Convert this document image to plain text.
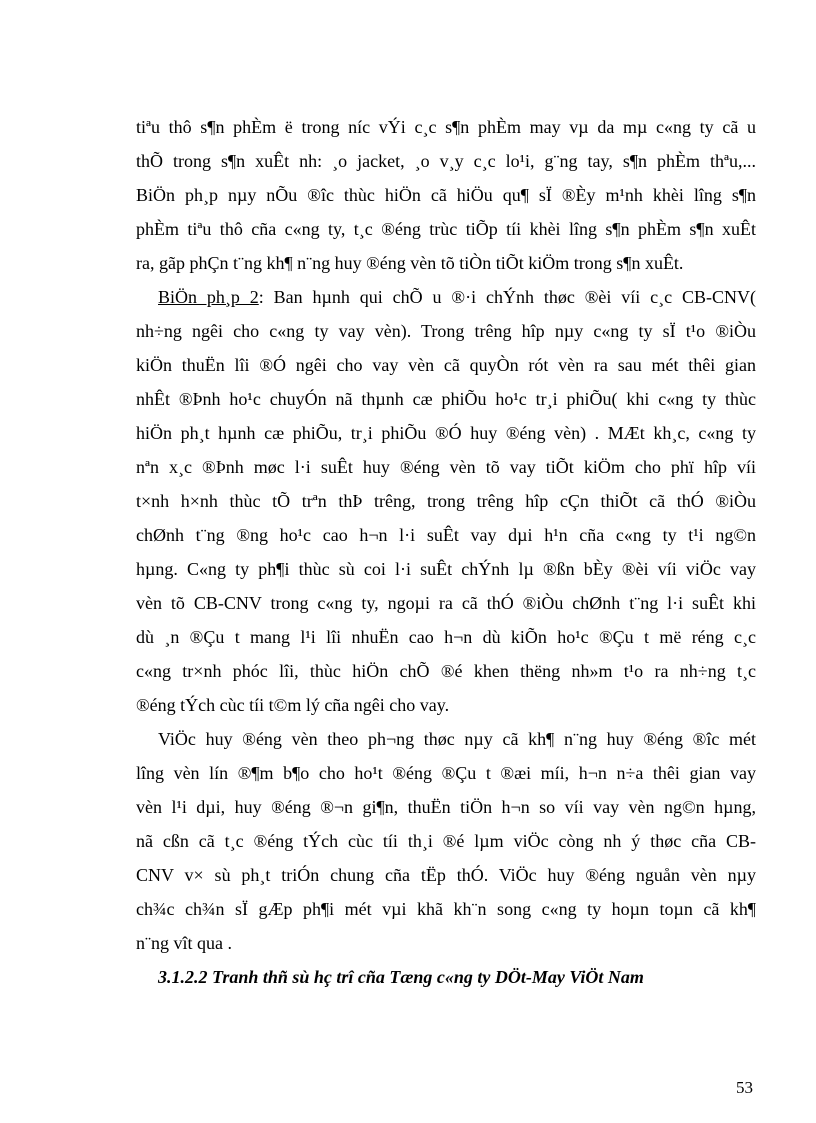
tiªu thô s¶n phÈm ë trong níc vÝi c¸c s¶n phÈm may vµ da mµ c«ng ty cã u
thÕ trong s¶n xuÊt nh: ¸o jacket, ¸o v¸y c¸c lo¹i, g¨ng tay, s¶n phÈm thªu,...
BiÖn ph¸p nµy nÕu ®îc thùc hiÖn cã hiÖu qu¶ sÏ ®Èy m¹nh khèi lîng s¶n
phÈm tiªu thô cña c«ng ty, t¸c ®éng trùc tiÕp tíi khèi lîng s¶n phÈm s¶n xuÊt
ra, gãp phÇn t¨ng kh¶ n¨ng huy ®éng vèn tõ tiÒn tiÕt kiÖm trong s¶n xuÊt.
BiÖn ph¸p 2: Ban hµnh qui chÕ u ®·i chÝnh thøc ®èi víi c¸c CB-CNV(
nh÷ng ngêi cho c«ng ty vay vèn). Trong trêng hîp nµy c«ng ty sÏ t¹o ®iÒu
kiÖn thuËn lîi ®Ó ngêi cho vay vèn cã quyÒn rót vèn ra sau mét thêi gian
nhÊt ®Þnh ho¹c chuyÓn nã thµnh cæ phiÕu ho¹c tr¸i phiÕu( khi c«ng ty thùc
hiÖn ph¸t hµnh cæ phiÕu, tr¸i phiÕu ®Ó huy ®éng vèn) . MÆt kh¸c, c«ng ty
nªn x¸c ®Þnh møc l·i suÊt huy ®éng vèn tõ vay tiÕt kiÖm cho phï hîp víi
t×nh h×nh thùc tÕ trªn thÞ trêng, trong trêng hîp cÇn thiÕt cã thÓ ®iÒu
chØnh t¨ng ®ng ho¹c cao h¬n l·i suÊt vay dµi h¹n cña c«ng ty t¹i ng©n
hµng. C«ng ty ph¶i thùc sù coi l·i suÊt chÝnh lµ ®ßn bÈy ®èi víi viÖc vay
vèn tõ CB-CNV trong c«ng ty, ngoµi ra cã thÓ ®iÒu chØnh t¨ng l·i suÊt khi
dù ¸n ®Çu t mang l¹i lîi nhuËn cao h¬n dù kiÕn ho¹c ®Çu t më réng c¸c
c«ng tr×nh phóc lîi, thùc hiÖn chÕ ®é khen thëng nh»m t¹o ra nh÷ng t¸c
®éng tÝch cùc tíi t©m lý cña ngêi cho vay.
ViÖc huy ®éng vèn theo ph¬ng thøc nµy cã kh¶ n¨ng huy ®éng ®îc mét
lîng vèn lín ®¶m b¶o cho ho¹t ®éng ®Çu t ®æi míi, h¬n n÷a thêi gian vay
vèn l¹i dµi, huy ®éng ®¬n gi¶n, thuËn tiÖn h¬n so víi vay vèn ng©n hµng,
nã cßn cã t¸c ®éng tÝch cùc tíi th¸i ®é lµm viÖc còng nh ý thøc cña CB-
CNV v× sù ph¸t triÓn chung cña tËp thÓ. ViÖc huy ®éng nguån vèn nµy
ch¾c ch¾n sÏ gÆp ph¶i mét vµi khã kh¨n song c«ng ty hoµn toµn cã kh¶
n¨ng vît qua .
3.1.2.2 Tranh thñ sù hç trî cña Tæng c«ng ty DÖt-May ViÖt Nam
53
